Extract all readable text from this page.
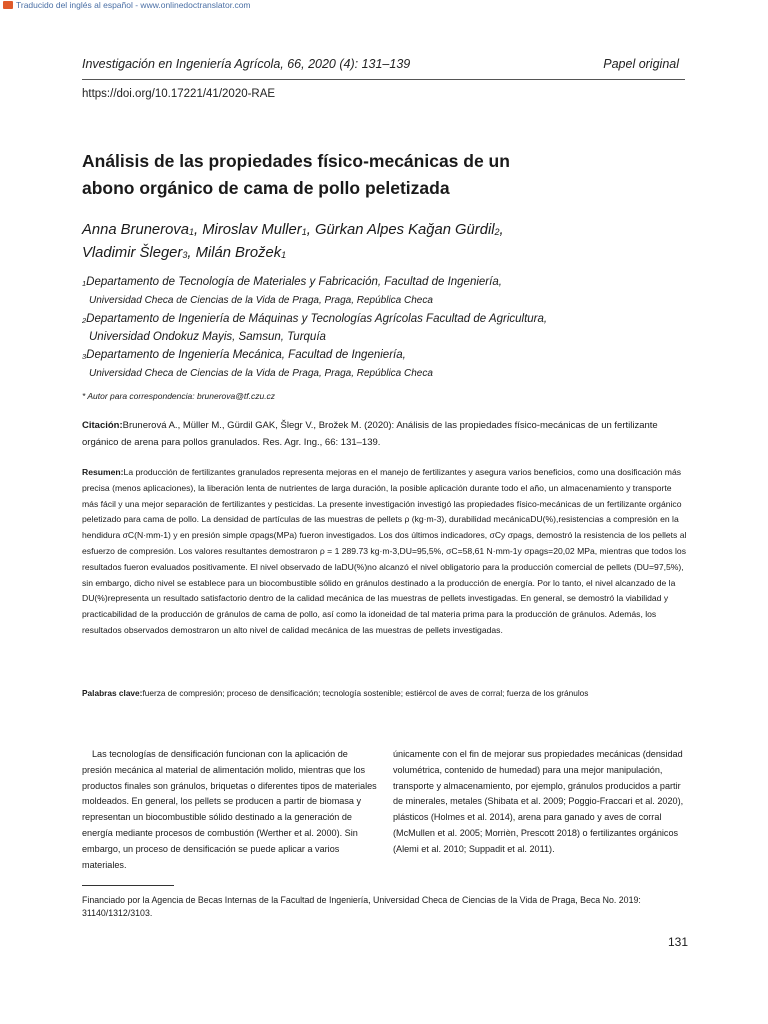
Traducido del inglés al español - www.onlinedoctranslator.com
Investigación en Ingeniería Agrícola, 66, 2020 (4): 131–139	Papel original
https://doi.org/10.17221/41/2020-RAE
Análisis de las propiedades físico-mecánicas de un
abono orgánico de cama de pollo peletizada
Anna Brunerova$_1$, Miroslav Muller$_1$, Gürkan Alpes Kağan Gürdil$_2$,
Vladimir Šleger$_3$, Milán Brožek$_1$
1Departamento de Tecnología de Materiales y Fabricación, Facultad de Ingeniería,
Universidad Checa de Ciencias de la Vida de Praga, Praga, República Checa
2Departamento de Ingeniería de Máquinas y Tecnologías Agrícolas Facultad de Agricultura,
Universidad Ondokuz Mayis, Samsun, Turquía
3Departamento de Ingeniería Mecánica, Facultad de Ingeniería,
Universidad Checa de Ciencias de la Vida de Praga, Praga, República Checa
* Autor para correspondencia: brunerova@tf.czu.cz
Citación:Brunerová A., Müller M., Gürdil GAK, Šlegr V., Brožek M. (2020): Análisis de las propiedades físico-mecánicas de un fertilizante orgánico de arena para pollos granulados. Res. Agr. Ing., 66: 131–139.
Resumen:La producción de fertilizantes granulados representa mejoras en el manejo de fertilizantes y asegura varios beneficios, como una dosificación más precisa (menos aplicaciones), la liberación lenta de nutrientes de larga duración, la posible aplicación durante todo el año, un almacenamiento y transporte más fácil y una mejor separación de fertilizantes y pesticidas. La presente investigación investigó las propiedades físico-mecánicas de un fertilizante orgánico peletizado para cama de pollo. La densidad de partículas de las muestras de pellets ρ (kg·m-3), durabilidad mecánicaDU(%),resistencias a compresión en la hendidura σC(N·mm-1) y en presión simple σpags(MPa) fueron investigados. Los dos últimos indicadores, σCy σpags, demostró la resistencia de los pellets al esfuerzo de compresión. Los valores resultantes demostraron ρ = 1 289.73 kg·m-3,DU=95,5%, σC=58,61 N·mm-1y σpags=20,02 MPa, mientras que todos los resultados fueron evaluados positivamente. El nivel observado de laDU(%)no alcanzó el nivel obligatorio para la producción comercial de pellets (DU=97,5%), sin embargo, dicho nivel se establece para un biocombustible sólido en gránulos destinado a la producción de energía. Por lo tanto, el nivel alcanzado de la DU(%)representa un resultado satisfactorio dentro de la calidad mecánica de las muestras de pellets investigadas. En general, se demostró la viabilidad y practicabilidad de la producción de gránulos de cama de pollo, así como la idoneidad de tal materia prima para la producción de gránulos. Además, los resultados observados demostraron un alto nivel de calidad mecánica de las muestras de pellets investigadas.
Palabras clave:fuerza de compresión; proceso de densificación; tecnología sostenible; estiércol de aves de corral; fuerza de los gránulos
Las tecnologías de densificación funcionan con la aplicación de presión mecánica al material de alimentación molido, mientras que los productos finales son gránulos, briquetas o diferentes tipos de materiales moldeados. En general, los pellets se producen a partir de biomasa y representan un biocombustible sólido destinado a la generación de energía mediante procesos de combustión (Werther et al. 2000). Sin embargo, un proceso de densificación se puede aplicar a varios materiales.
únicamente con el fin de mejorar sus propiedades mecánicas (densidad volumétrica, contenido de humedad) para una mejor manipulación, transporte y almacenamiento, por ejemplo, gránulos producidos a partir de minerales, metales (Shibata et al. 2009; Poggio-Fraccari et al. 2020), plásticos (Holmes et al. 2014), arena para ganado y aves de corral (McMullen et al. 2005; Morrièn, Prescott 2018) o fertilizantes orgánicos (Alemi et al. 2010; Suppadit et al. 2011).
Financiado por la Agencia de Becas Internas de la Facultad de Ingeniería, Universidad Checa de Ciencias de la Vida de Praga, Beca No. 2019: 31140/1312/3103.
131
